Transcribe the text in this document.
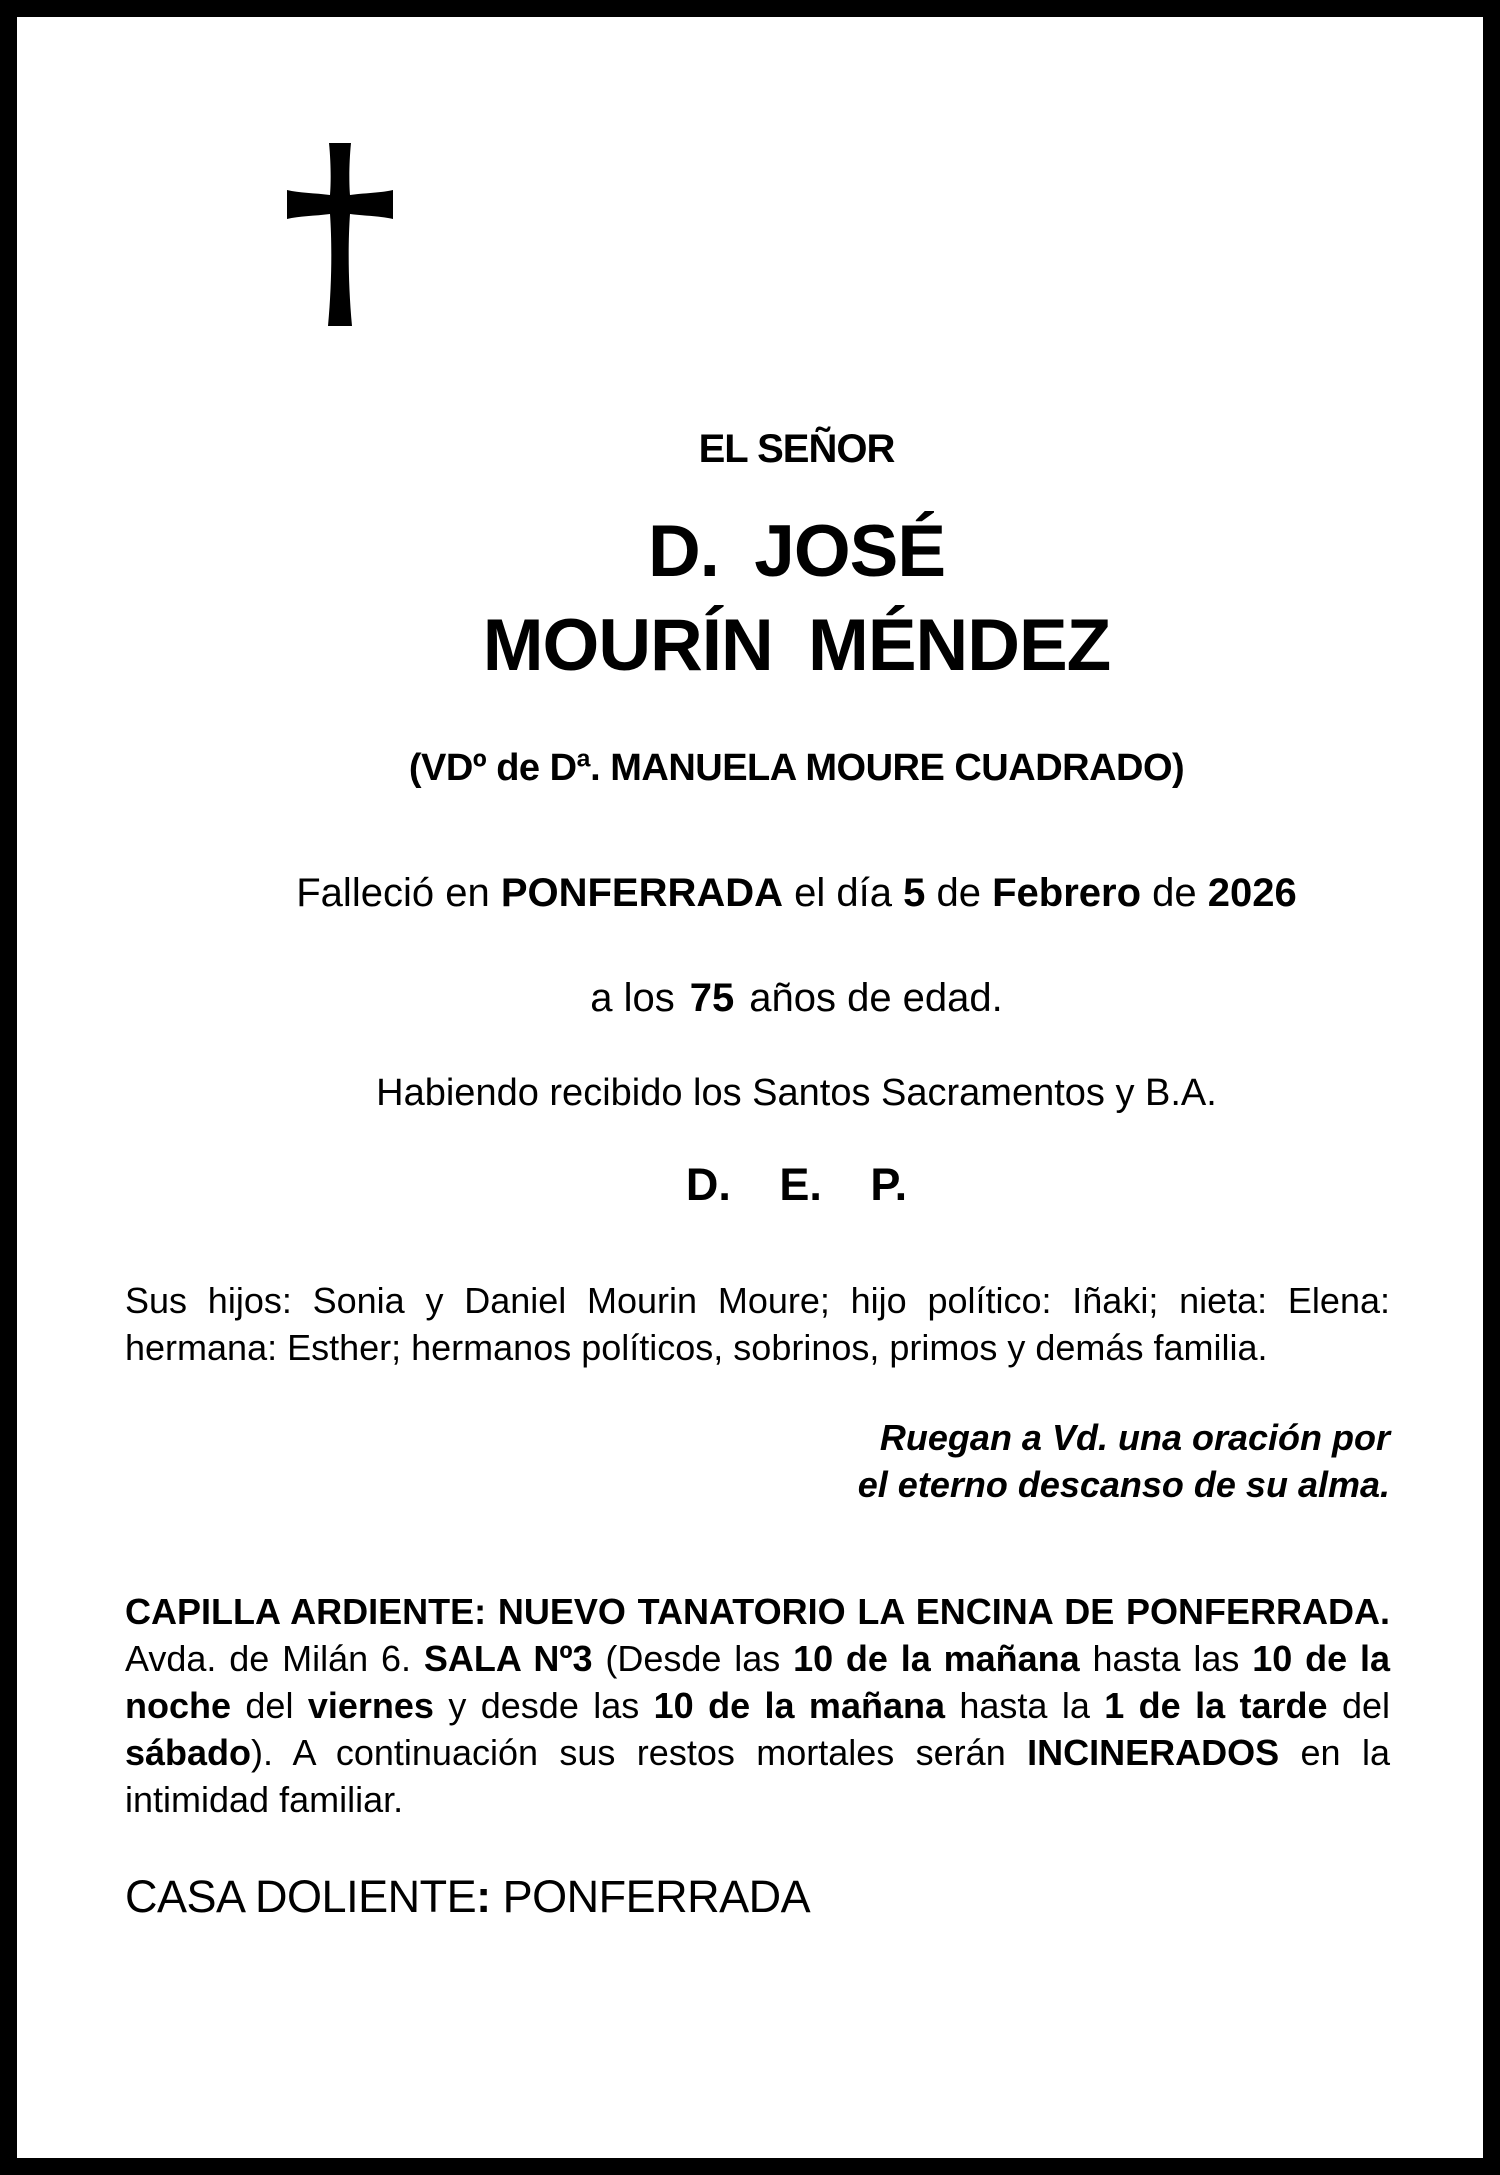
EL SEÑOR
D. JOSÉ
MOURÍN MÉNDEZ
(VDº de Dª. MANUELA MOURE CUADRADO)
Falleció en PONFERRADA el día 5 de Febrero de 2026
a los 75 años de edad.
Habiendo recibido los Santos Sacramentos y B.A.
D. E. P.

Sus hijos: Sonia y Daniel Mourin Moure; hijo político: Iñaki; nieta: Elena: hermana: Esther; hermanos políticos, sobrinos, primos y demás familia.

Ruegan a Vd. una oración por
el eterno descanso de su alma.

CAPILLA ARDIENTE: NUEVO TANATORIO LA ENCINA DE PONFERRADA. Avda. de Milán 6. SALA Nº3 (Desde las 10 de la mañana hasta las 10 de la noche del viernes y desde las 10 de la mañana hasta la 1 de la tarde del sábado). A continuación sus restos mortales serán INCINERADOS en la intimidad familiar.

CASA DOLIENTE: PONFERRADA
